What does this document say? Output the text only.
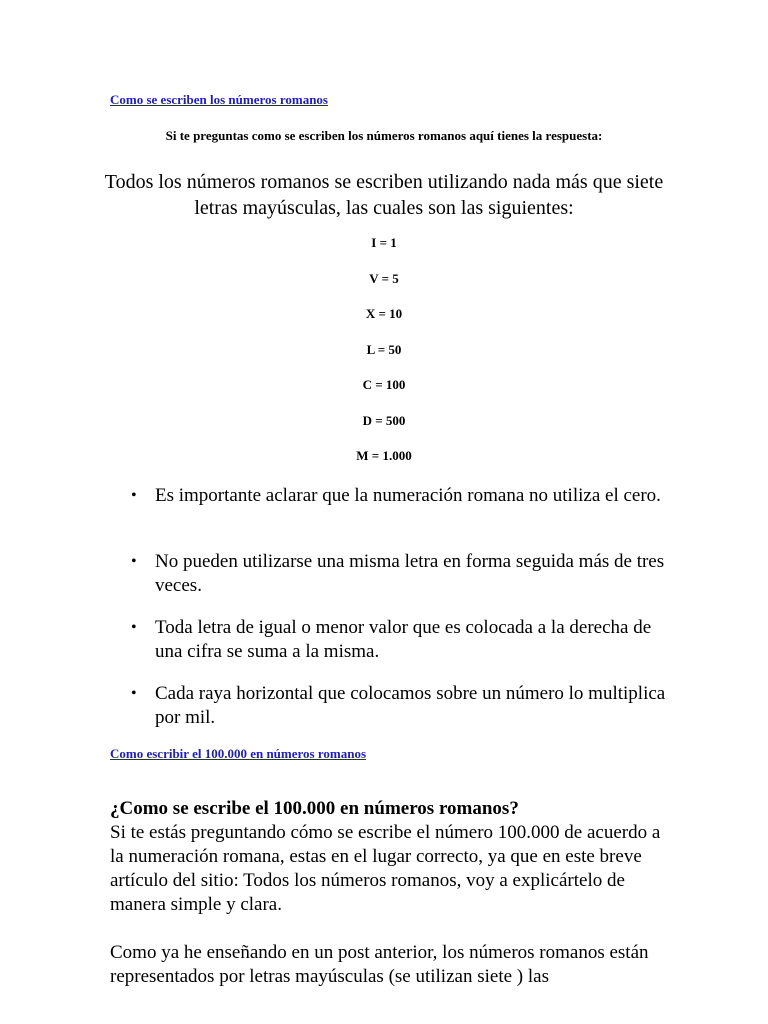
Como se escriben los números romanos
Si te preguntas como se escriben los números romanos aquí tienes la respuesta:
Todos los números romanos se escriben utilizando nada más que siete letras mayúsculas, las cuales son las siguientes:
I = 1
V = 5
X = 10
L = 50
C = 100
D = 500
M = 1.000
• Es importante aclarar que la numeración romana no utiliza el cero.
• No pueden utilizarse una misma letra en forma seguida más de tres veces.
• Toda letra de igual o menor valor que es colocada a la derecha de una cifra se suma a la misma.
• Cada raya horizontal que colocamos sobre un número lo multiplica por mil.
Como escribir el 100.000 en números romanos
¿Como se escribe el 100.000 en números romanos?

Si te estás preguntando cómo se escribe el número 100.000 de acuerdo a la numeración romana, estas en el lugar correcto, ya que en este breve artículo del sitio: Todos los números romanos, voy a explicártelo de manera simple y clara.

Como ya he enseñando en un post anterior, los números romanos están representados por letras mayúsculas (se utilizan siete ) las
